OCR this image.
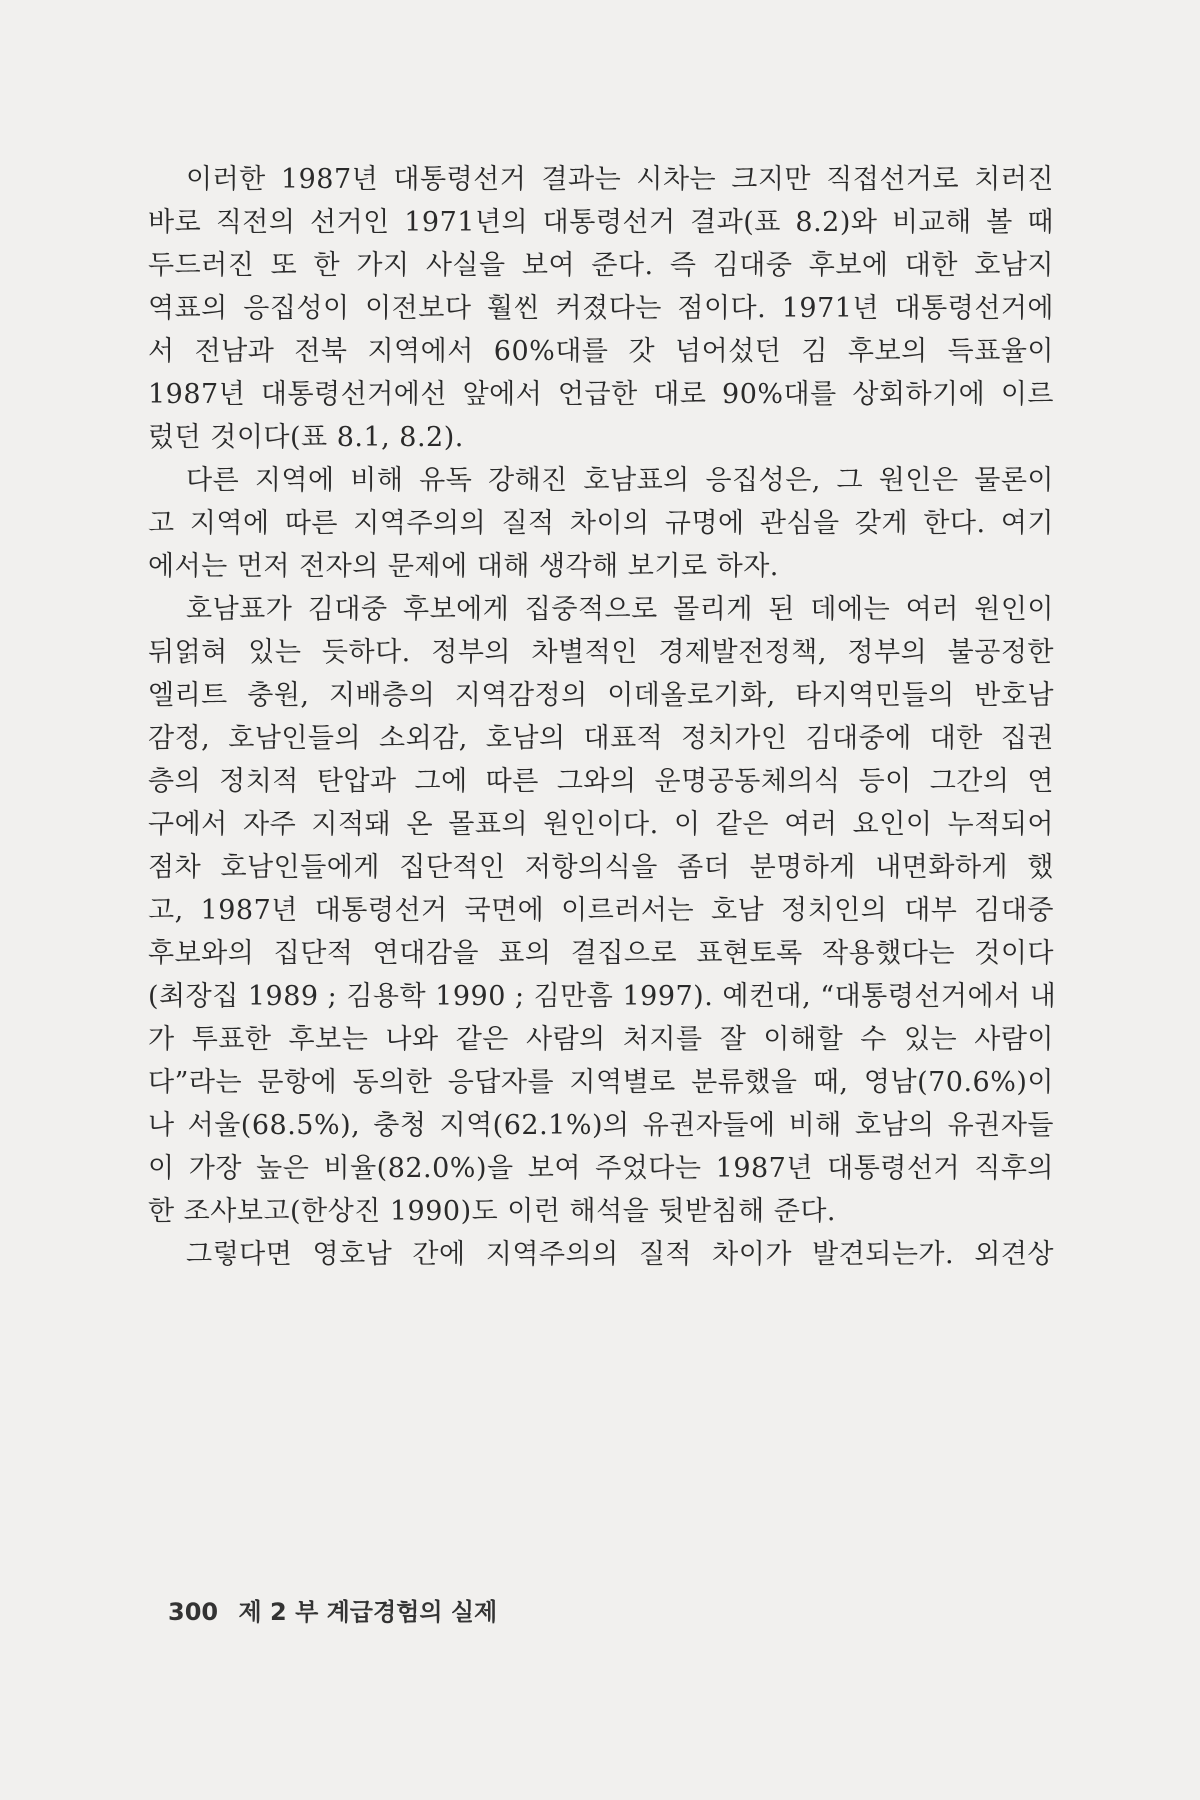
이러한 1987년 대통령선거 결과는 시차는 크지만 직접선거로 치러진
바로 직전의 선거인 1971년의 대통령선거 결과(표 8.2)와 비교해 볼 때
두드러진 또 한 가지 사실을 보여 준다. 즉 김대중 후보에 대한 호남지
역표의 응집성이 이전보다 훨씬 커졌다는 점이다. 1971년 대통령선거에
서 전남과 전북 지역에서 60%대를 갓 넘어섰던 김 후보의 득표율이
1987년 대통령선거에선 앞에서 언급한 대로 90%대를 상회하기에 이르
렀던 것이다(표 8.1, 8.2).
다른 지역에 비해 유독 강해진 호남표의 응집성은, 그 원인은 물론이
고 지역에 따른 지역주의의 질적 차이의 규명에 관심을 갖게 한다. 여기
에서는 먼저 전자의 문제에 대해 생각해 보기로 하자.
호남표가 김대중 후보에게 집중적으로 몰리게 된 데에는 여러 원인이
뒤얽혀 있는 듯하다. 정부의 차별적인 경제발전정책, 정부의 불공정한
엘리트 충원, 지배층의 지역감정의 이데올로기화, 타지역민들의 반호남
감정, 호남인들의 소외감, 호남의 대표적 정치가인 김대중에 대한 집권
층의 정치적 탄압과 그에 따른 그와의 운명공동체의식 등이 그간의 연
구에서 자주 지적돼 온 몰표의 원인이다. 이 같은 여러 요인이 누적되어
점차 호남인들에게 집단적인 저항의식을 좀더 분명하게 내면화하게 했
고, 1987년 대통령선거 국면에 이르러서는 호남 정치인의 대부 김대중
후보와의 집단적 연대감을 표의 결집으로 표현토록 작용했다는 것이다
(최장집 1989 ; 김용학 1990 ; 김만흠 1997). 예컨대, “대통령선거에서 내
가 투표한 후보는 나와 같은 사람의 처지를 잘 이해할 수 있는 사람이
다”라는 문항에 동의한 응답자를 지역별로 분류했을 때, 영남(70.6%)이
나 서울(68.5%), 충청 지역(62.1%)의 유권자들에 비해 호남의 유권자들
이 가장 높은 비율(82.0%)을 보여 주었다는 1987년 대통령선거 직후의
한 조사보고(한상진 1990)도 이런 해석을 뒷받침해 준다.
그렇다면 영호남 간에 지역주의의 질적 차이가 발견되는가. 외견상
300 제 2 부 계급경험의 실제
